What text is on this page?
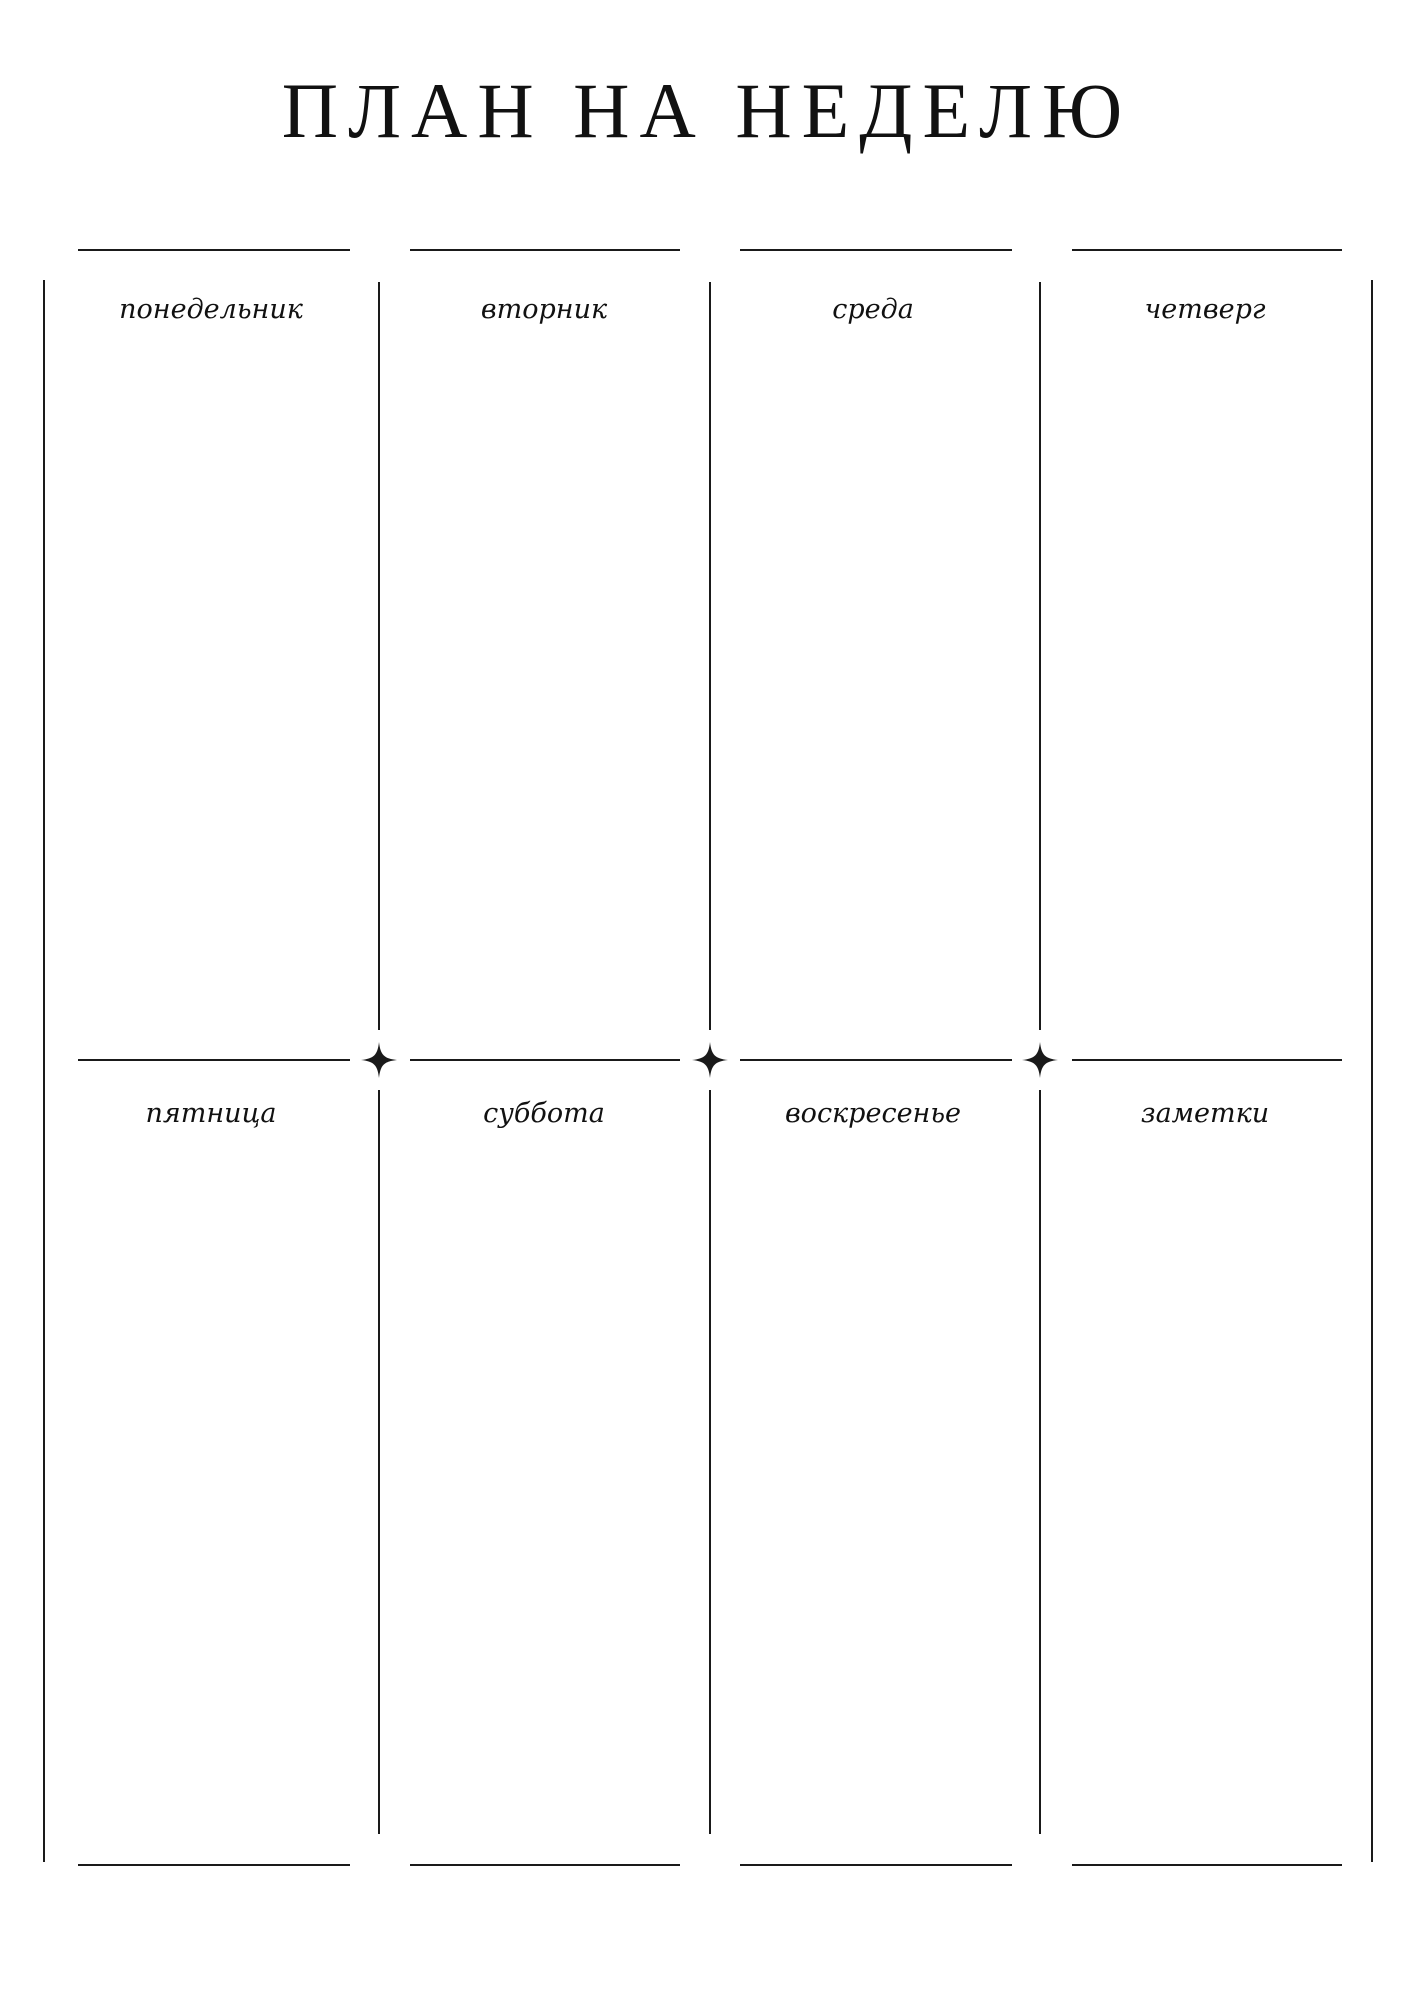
ПЛАН НА НЕДЕЛЮ
понедельник	вторник	среда	четверг
пятница	суббота	воскресенье	заметки
